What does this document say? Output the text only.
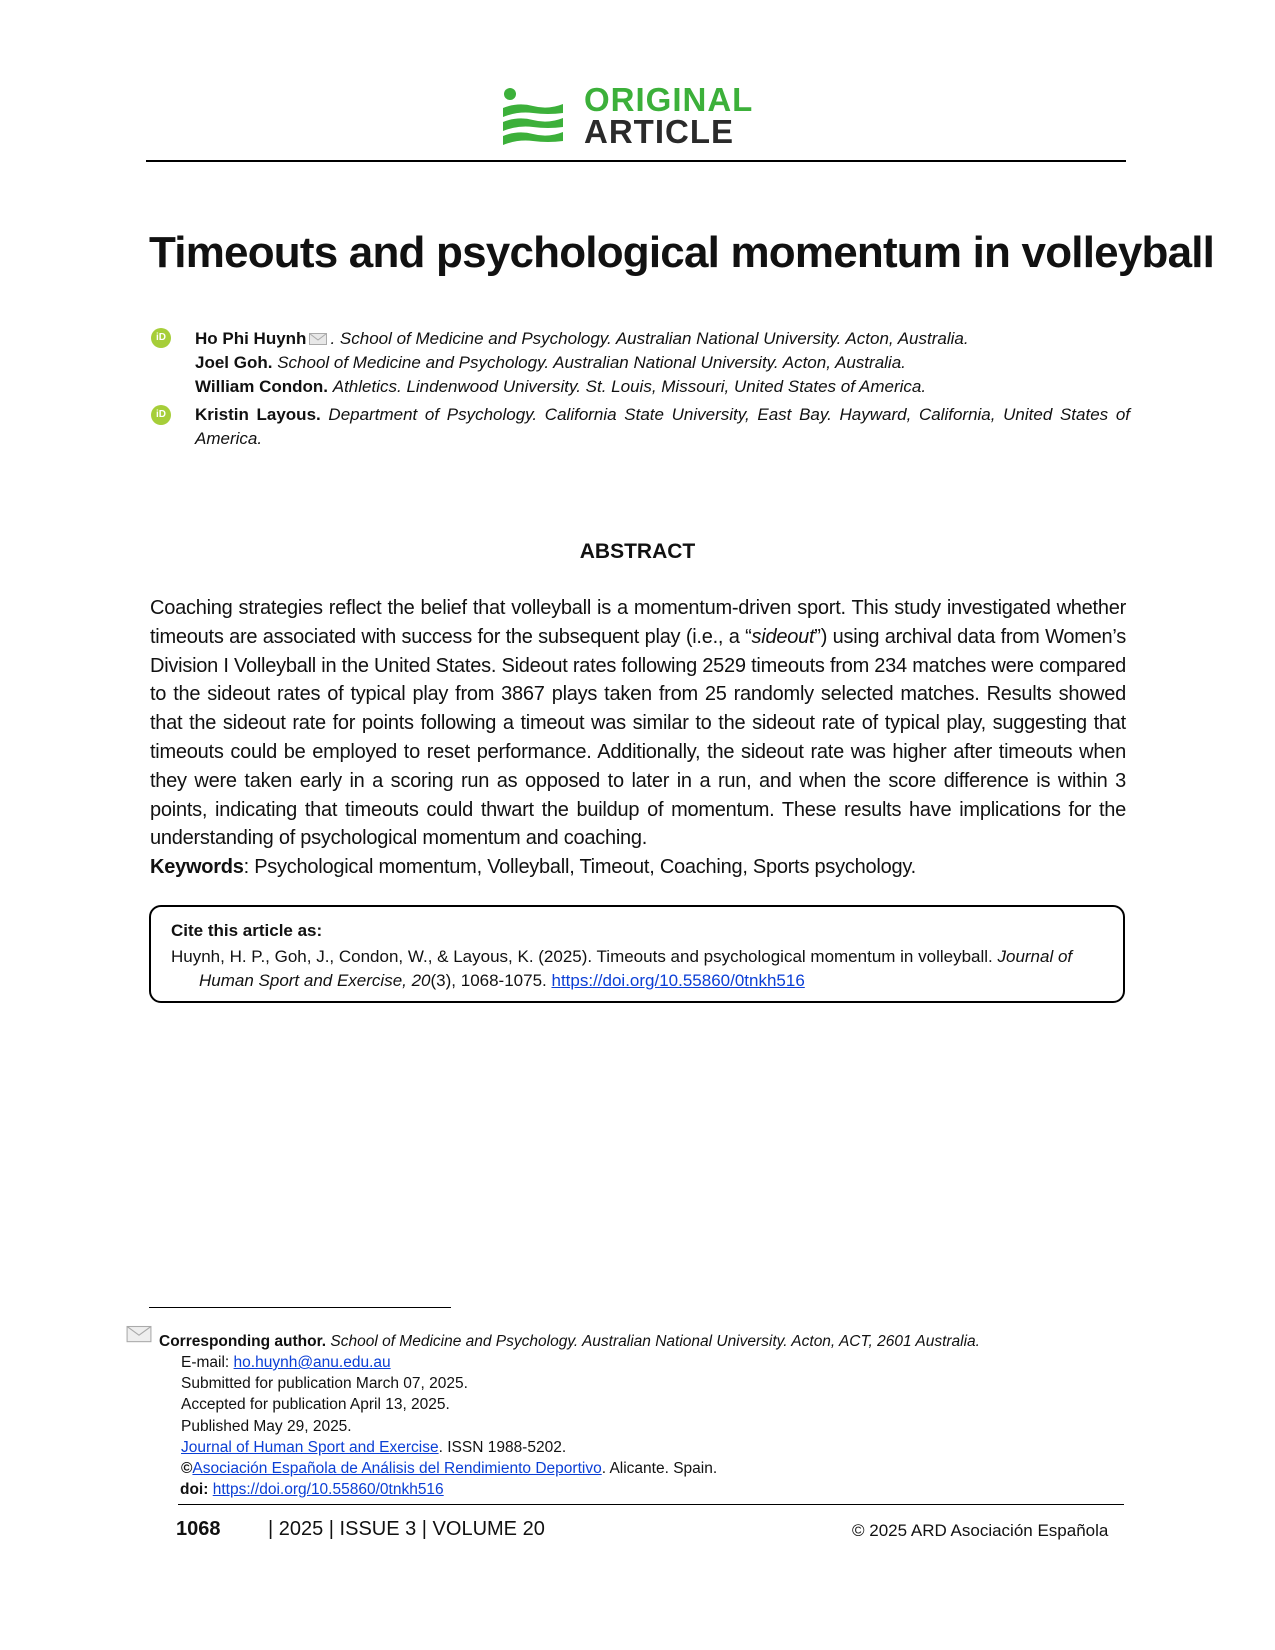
ORIGINAL
ARTICLE
Timeouts and psychological momentum in volleyball
iD Ho Phi Huynh . School of Medicine and Psychology. Australian National University. Acton, Australia.
Joel Goh. School of Medicine and Psychology. Australian National University. Acton, Australia.
William Condon. Athletics. Lindenwood University. St. Louis, Missouri, United States of America.
iD Kristin Layous. Department of Psychology. California State University, East Bay. Hayward, California, United States of America.
ABSTRACT
Coaching strategies reflect the belief that volleyball is a momentum-driven sport. This study investigated whether timeouts are associated with success for the subsequent play (i.e., a “sideout”) using archival data from Women’s Division I Volleyball in the United States. Sideout rates following 2529 timeouts from 234 matches were compared to the sideout rates of typical play from 3867 plays taken from 25 randomly selected matches. Results showed that the sideout rate for points following a timeout was similar to the sideout rate of typical play, suggesting that timeouts could be employed to reset performance. Additionally, the sideout rate was higher after timeouts when they were taken early in a scoring run as opposed to later in a run, and when the score difference is within 3 points, indicating that timeouts could thwart the buildup of momentum. These results have implications for the understanding of psychological momentum and coaching.
Keywords: Psychological momentum, Volleyball, Timeout, Coaching, Sports psychology.
Cite this article as:
Huynh, H. P., Goh, J., Condon, W., & Layous, K. (2025). Timeouts and psychological momentum in volleyball. Journal of
Human Sport and Exercise, 20(3), 1068-1075. https://doi.org/10.55860/0tnkh516
Corresponding author. School of Medicine and Psychology. Australian National University. Acton, ACT, 2601 Australia.
E-mail: ho.huynh@anu.edu.au
Submitted for publication March 07, 2025.
Accepted for publication April 13, 2025.
Published May 29, 2025.
Journal of Human Sport and Exercise. ISSN 1988-5202.
©Asociación Española de Análisis del Rendimiento Deportivo. Alicante. Spain.
doi: https://doi.org/10.55860/0tnkh516
1068 | 2025 | ISSUE 3 | VOLUME 20	© 2025 ARD Asociación Española
